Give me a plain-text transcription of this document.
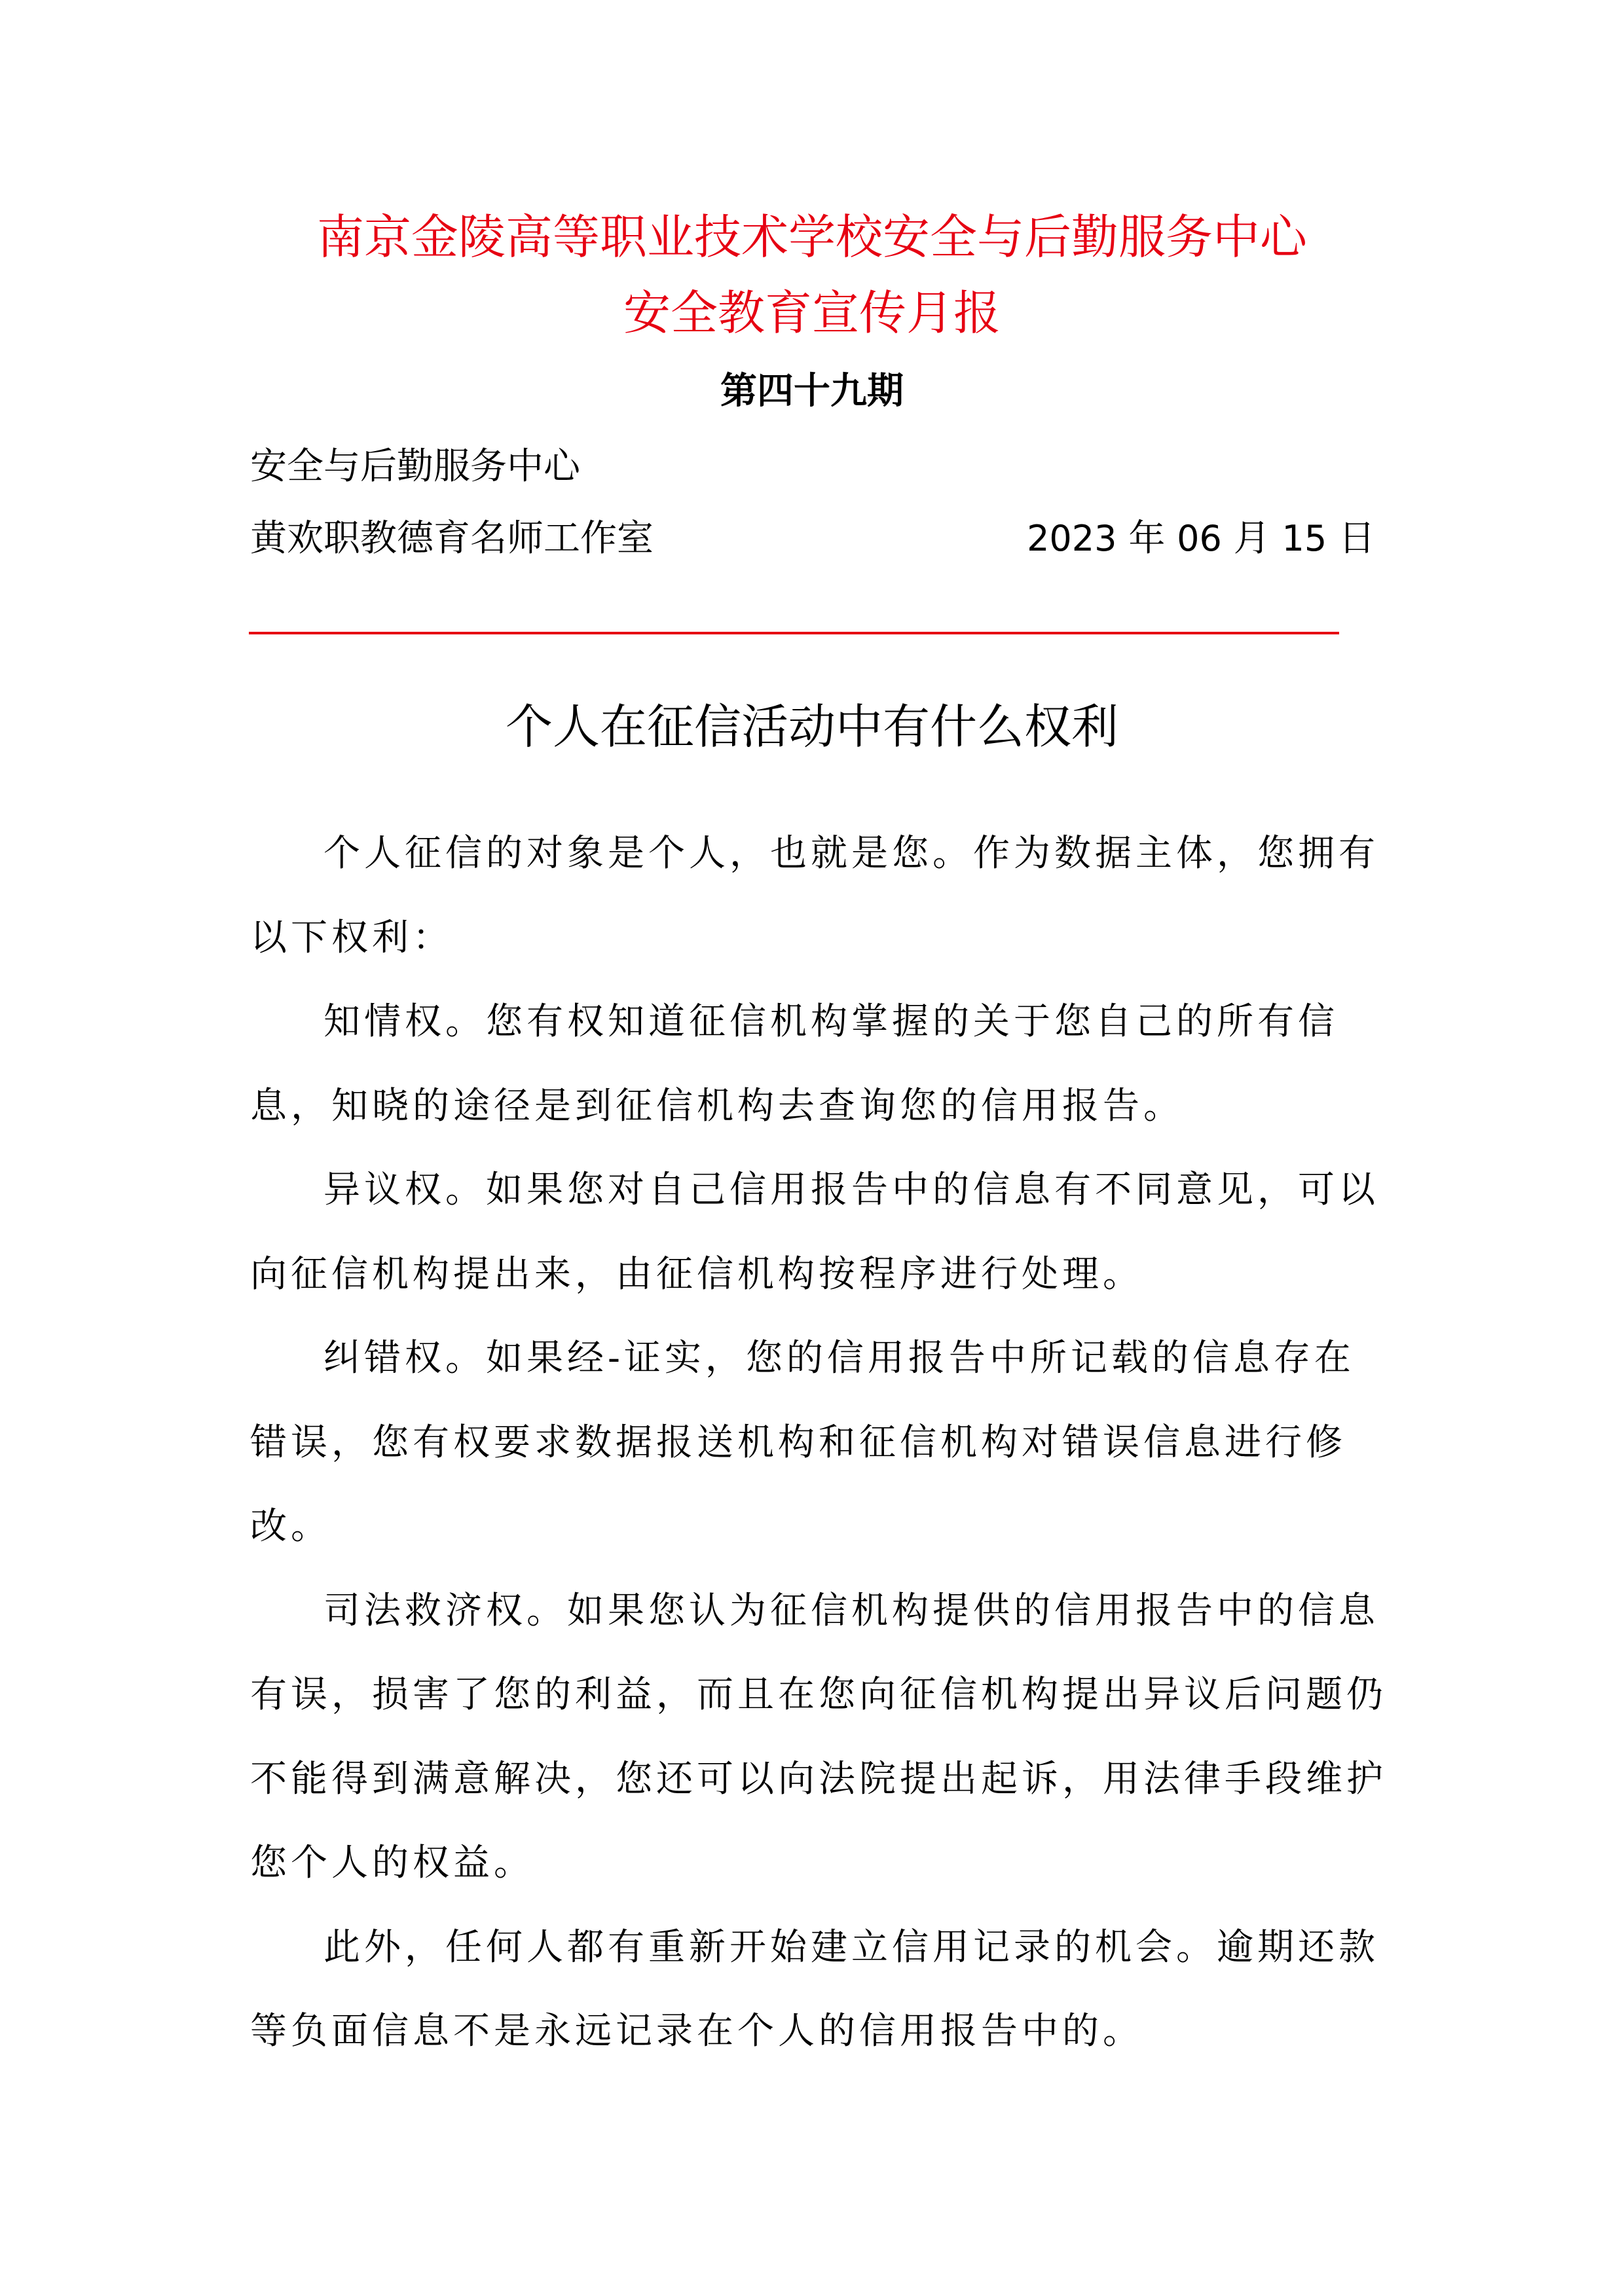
南京金陵高等职业技术学校安全与后勤服务中心
安全教育宣传月报
第四十九期
安全与后勤服务中心
黄欢职教德育名师工作室	2023 年 06 月 15 日
个人在征信活动中有什么权利

个人征信的对象是个人，也就是您。作为数据主体，您拥有以下权利：

知情权。您有权知道征信机构掌握的关于您自己的所有信息，知晓的途径是到征信机构去查询您的信用报告。

异议权。如果您对自己信用报告中的信息有不同意见，可以向征信机构提出来，由征信机构按程序进行处理。

纠错权。如果经-证实，您的信用报告中所记载的信息存在错误，您有权要求数据报送机构和征信机构对错误信息进行修改。

司法救济权。如果您认为征信机构提供的信用报告中的信息有误，损害了您的利益，而且在您向征信机构提出异议后问题仍不能得到满意解决，您还可以向法院提出起诉，用法律手段维护您个人的权益。

此外，任何人都有重新开始建立信用记录的机会。逾期还款等负面信息不是永远记录在个人的信用报告中的。
